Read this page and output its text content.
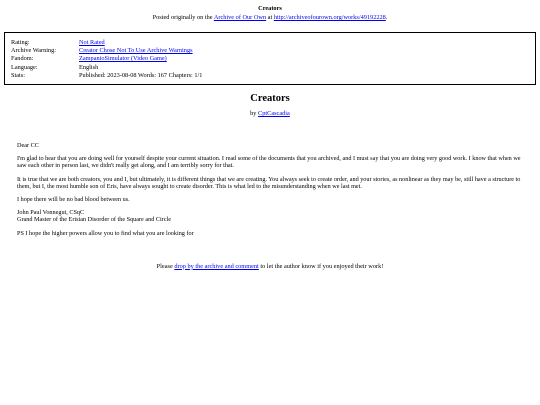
Creators
Posted originally on the Archive of Our Own at http://archiveofourown.org/works/49192228.
Rating:	Not Rated
Archive Warning:	Creator Chose Not To Use Archive Warnings
Fandom:	ZampanioSimulator (Video Game)
Language:	English
Stats:	Published: 2023-08-08 Words: 167 Chapters: 1/1
Creators
by CptCascadia

Dear CC

I'm glad to hear that you are doing well for yourself despite your current situation. I read some of the documents that you archived, and I must say that you are doing very good work. I know that when we saw each other in person last, we didn't really get along, and I am terribly sorry for that.

It is true that we are both creators, you and I, but ultimately, it is different things that we are creating. You always seek to create order, and your stories, as nonlinear as they may be, still have a structure to them, but I, the most humble son of Eris, have always sought to create disorder. This is what led to the misunderstanding when we last met.

I hope there will be no bad blood between us.

John Paul Vonnegut, CSqC
Grand Master of the Erisian Disorder of the Square and Circle

PS I hope the higher powers allow you to find what you are looking for

Please drop by the archive and comment to let the author know if you enjoyed their work!
